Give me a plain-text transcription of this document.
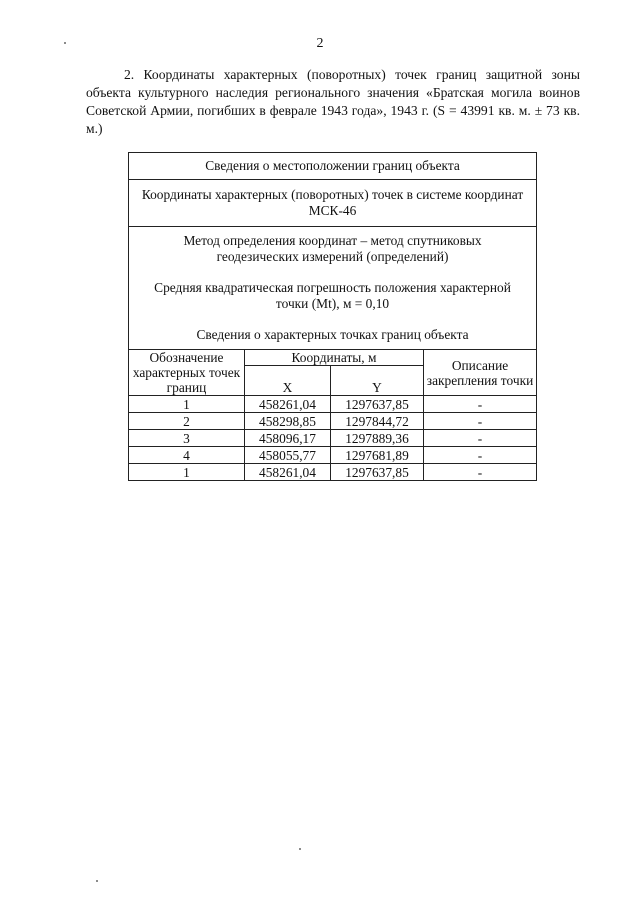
2
2. Координаты характерных (поворотных) точек границ защитной зоны объекта культурного наследия регионального значения «Братская могила воинов Советской Армии, погибших в феврале 1943 года», 1943 г. (S = 43991 кв. м. ± 73 кв. м.)
Сведения о местоположении границ объекта			
Координаты характерных (поворотных) точек в системе координат МСК-46			

Метод определения координат – метод спутниковых геодезических измерений (определений)
Средняя квадратическая погрешность положения характерной точки (Mt), м = 0,10
Сведения о характерных точках границ объекта			

Обозначение характерных точек границ	Координаты, м		Описание закрепления точки
	X	Y	
1	458261,04	1297637,85	-
2	458298,85	1297844,72	-
3	458096,17	1297889,36	-
4	458055,77	1297681,89	-
1	458261,04	1297637,85	-
